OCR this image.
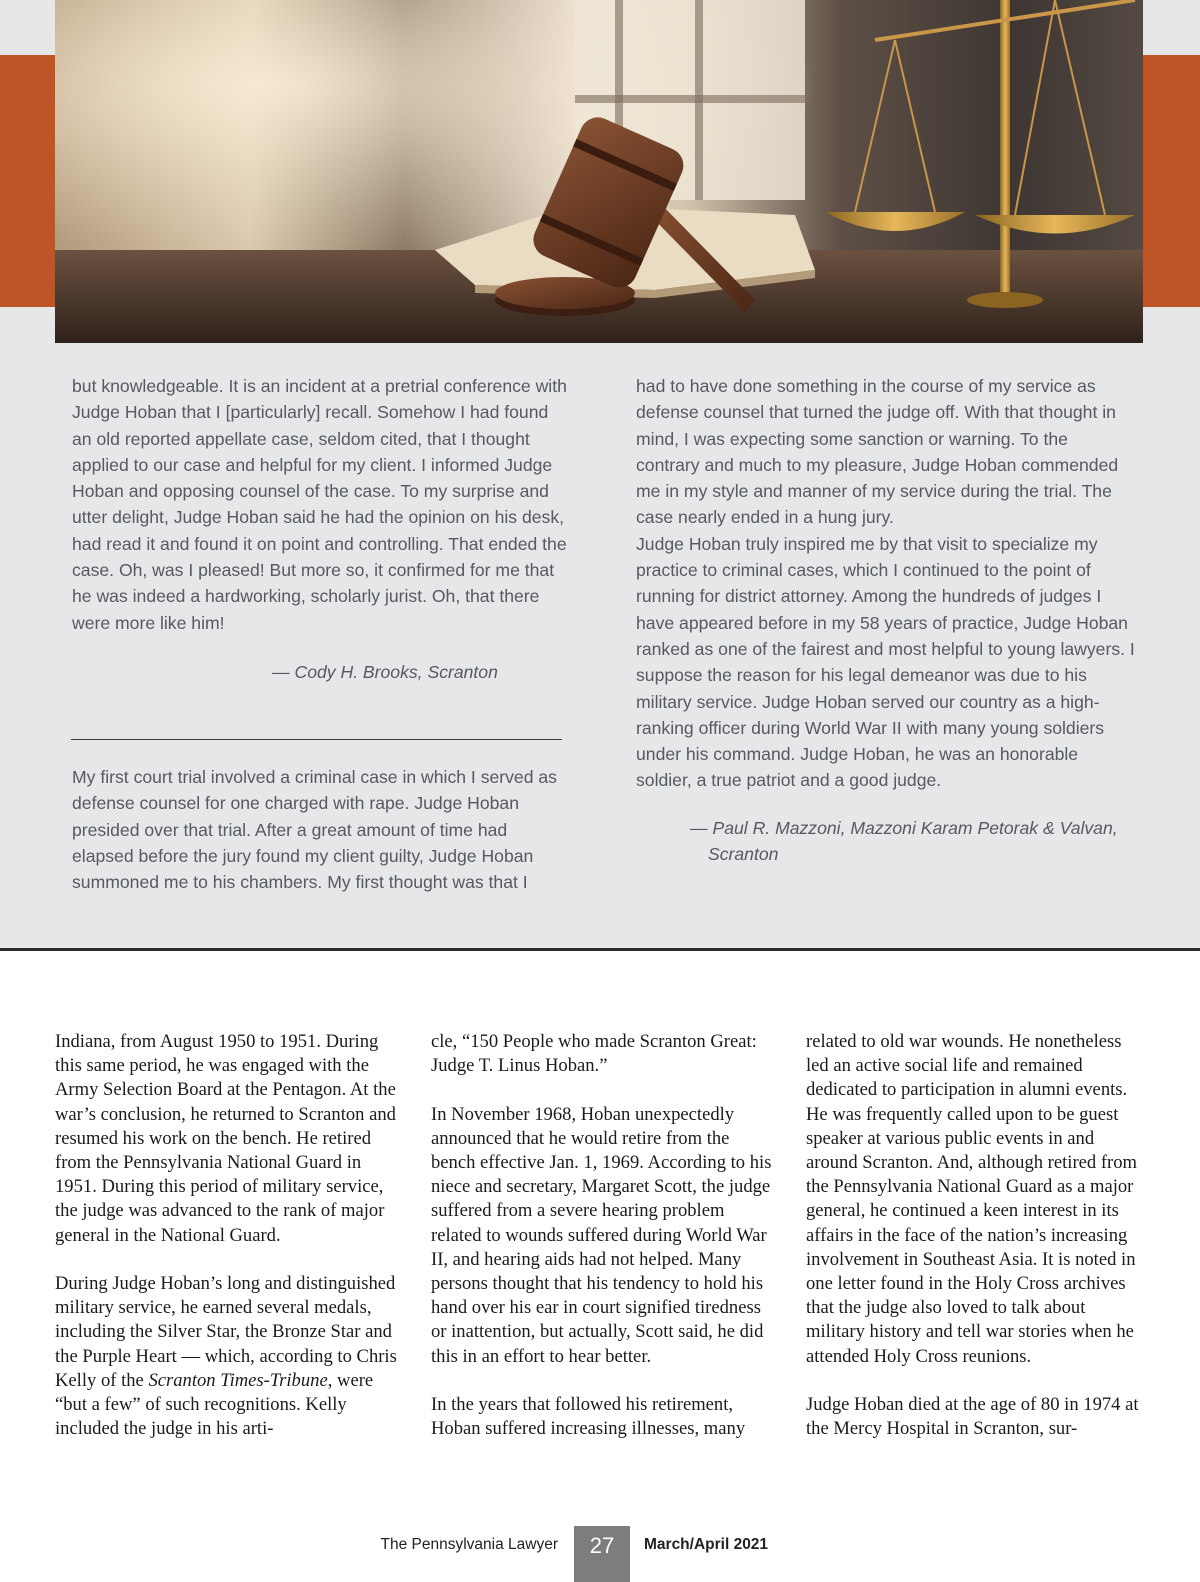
but knowledgeable. It is an incident at a pretrial conference with Judge Hoban that I [particularly] recall. Somehow I had found an old reported appellate case, seldom cited, that I thought applied to our case and helpful for my client. I informed Judge Hoban and opposing counsel of the case. To my surprise and utter delight, Judge Hoban said he had the opinion on his desk, had read it and found it on point and controlling. That ended the case. Oh, was I pleased! But more so, it confirmed for me that he was indeed a hardworking, scholarly jurist. Oh, that there were more like him!

— Cody H. Brooks, Scranton

My first court trial involved a criminal case in which I served as defense counsel for one charged with rape. Judge Hoban presided over that trial. After a great amount of time had elapsed before the jury found my client guilty, Judge Hoban summoned me to his chambers. My first thought was that I

had to have done something in the course of my service as defense counsel that turned the judge off. With that thought in mind, I was expecting some sanction or warning. To the contrary and much to my pleasure, Judge Hoban commended me in my style and manner of my service during the trial. The case nearly ended in a hung jury.

Judge Hoban truly inspired me by that visit to specialize my practice to criminal cases, which I continued to the point of running for district attorney. Among the hundreds of judges I have appeared before in my 58 years of practice, Judge Hoban ranked as one of the fairest and most helpful to young lawyers. I suppose the reason for his legal demeanor was due to his military service. Judge Hoban served our country as a high-ranking officer during World War II with many young soldiers under his command. Judge Hoban, he was an honorable soldier, a true patriot and a good judge.

— Paul R. Mazzoni, Mazzoni Karam Petorak & Valvan,

Scranton

Indiana, from August 1950 to 1951. During this same period, he was engaged with the Army Selection Board at the Pentagon. At the war’s conclusion, he returned to Scranton and resumed his work on the bench. He retired from the Pennsylvania National Guard in 1951. During this period of military service, the judge was advanced to the rank of major general in the National Guard.

During Judge Hoban’s long and distinguished military service, he earned several medals, including the Silver Star, the Bronze Star and the Purple Heart — which, according to Chris Kelly of the Scranton Times-Tribune, were “but a few” of such recognitions. Kelly included the judge in his arti-

cle, “150 People who made Scranton Great: Judge T. Linus Hoban.”

In November 1968, Hoban unexpectedly announced that he would retire from the bench effective Jan. 1, 1969. According to his niece and secretary, Margaret Scott, the judge suffered from a severe hearing problem related to wounds suffered during World War II, and hearing aids had not helped. Many persons thought that his tendency to hold his hand over his ear in court signified tiredness or inattention, but actually, Scott said, he did this in an effort to hear better.

In the years that followed his retirement, Hoban suffered increasing illnesses, many

related to old war wounds. He nonetheless led an active social life and remained dedicated to participation in alumni events. He was frequently called upon to be guest speaker at various public events in and around Scranton. And, although retired from the Pennsylvania National Guard as a major general, he continued a keen interest in its affairs in the face of the nation’s increasing involvement in Southeast Asia. It is noted in one letter found in the Holy Cross archives that the judge also loved to talk about military history and tell war stories when he attended Holy Cross reunions.

Judge Hoban died at the age of 80 in 1974 at the Mercy Hospital in Scranton, sur-

The Pennsylvania Lawyer	27	March/April 2021
